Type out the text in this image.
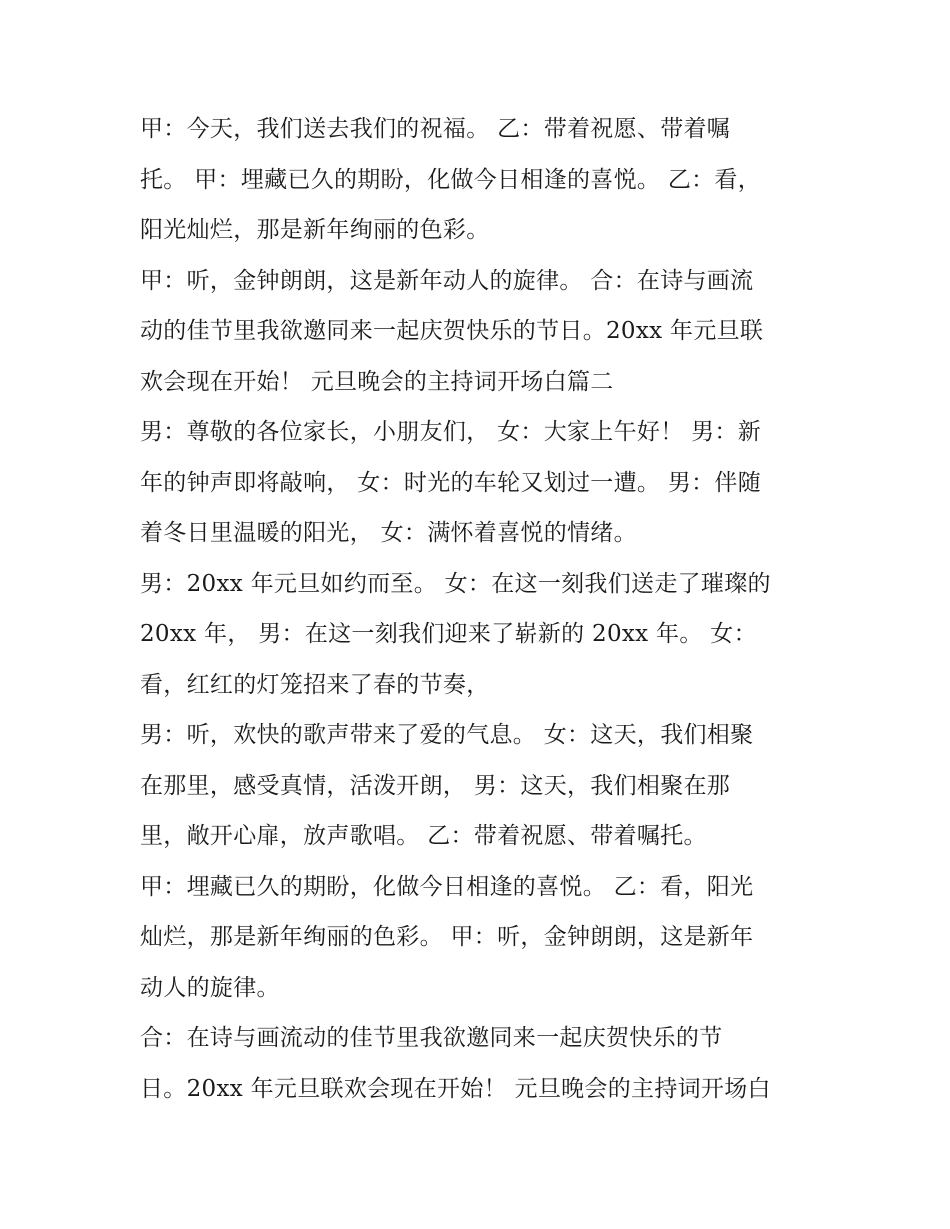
甲：今天，我们送去我们的祝福。 乙：带着祝愿、带着嘱
托。 甲：埋藏已久的期盼，化做今日相逢的喜悦。 乙：看，
阳光灿烂，那是新年绚丽的色彩。
甲：听，金钟朗朗，这是新年动人的旋律。 合：在诗与画流
动的佳节里我欲邀同来一起庆贺快乐的节日。20xx 年元旦联
欢会现在开始！ 元旦晚会的主持词开场白篇二
男：尊敬的各位家长，小朋友们， 女：大家上午好！ 男：新
年的钟声即将敲响， 女：时光的车轮又划过一遭。 男：伴随
着冬日里温暖的阳光， 女：满怀着喜悦的情绪。
男：20xx 年元旦如约而至。 女：在这一刻我们送走了璀璨的
20xx 年， 男：在这一刻我们迎来了崭新的 20xx 年。 女：
看，红红的灯笼招来了春的节奏，
男：听，欢快的歌声带来了爱的气息。 女：这天，我们相聚
在那里，感受真情，活泼开朗， 男：这天，我们相聚在那
里，敞开心扉，放声歌唱。 乙：带着祝愿、带着嘱托。
甲：埋藏已久的期盼，化做今日相逢的喜悦。 乙：看，阳光
灿烂，那是新年绚丽的色彩。 甲：听，金钟朗朗，这是新年
动人的旋律。
合：在诗与画流动的佳节里我欲邀同来一起庆贺快乐的节
日。20xx 年元旦联欢会现在开始！ 元旦晚会的主持词开场白
